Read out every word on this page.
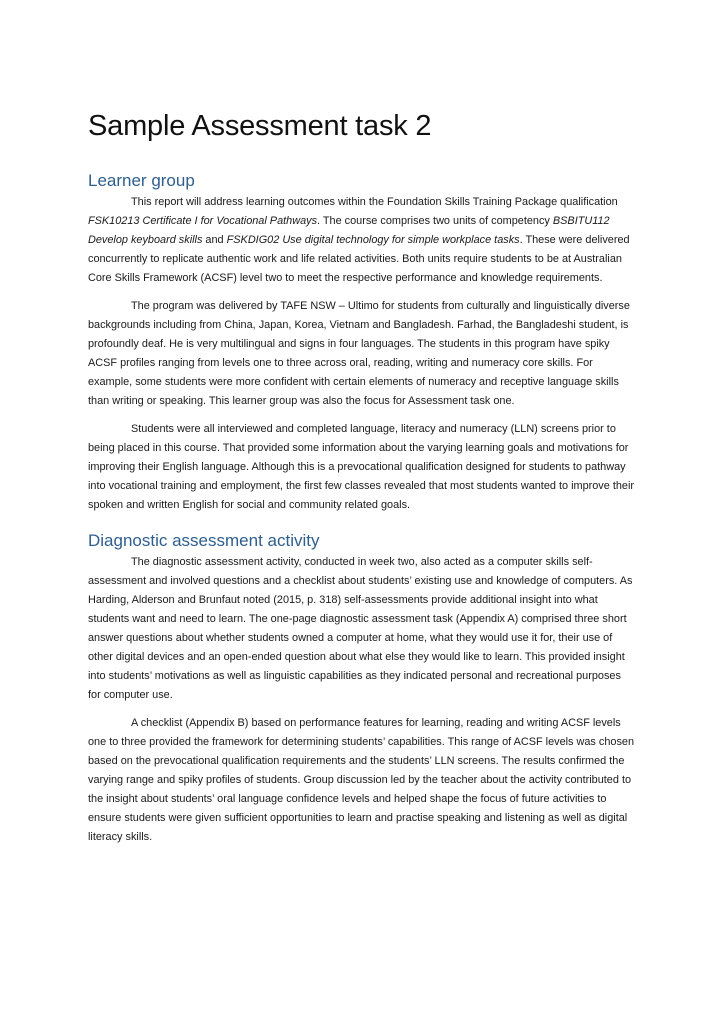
Sample Assessment task 2
Learner group

This report will address learning outcomes within the Foundation Skills Training Package qualification FSK10213 Certificate I for Vocational Pathways. The course comprises two units of competency BSBITU112 Develop keyboard skills and FSKDIG02 Use digital technology for simple workplace tasks. These were delivered concurrently to replicate authentic work and life related activities. Both units require students to be at Australian Core Skills Framework (ACSF) level two to meet the respective performance and knowledge requirements.

The program was delivered by TAFE NSW – Ultimo for students from culturally and linguistically diverse backgrounds including from China, Japan, Korea, Vietnam and Bangladesh. Farhad, the Bangladeshi student, is profoundly deaf. He is very multilingual and signs in four languages. The students in this program have spiky ACSF profiles ranging from levels one to three across oral, reading, writing and numeracy core skills. For example, some students were more confident with certain elements of numeracy and receptive language skills than writing or speaking. This learner group was also the focus for Assessment task one.

Students were all interviewed and completed language, literacy and numeracy (LLN) screens prior to being placed in this course. That provided some information about the varying learning goals and motivations for improving their English language. Although this is a prevocational qualification designed for students to pathway into vocational training and employment, the first few classes revealed that most students wanted to improve their spoken and written English for social and community related goals.

Diagnostic assessment activity

The diagnostic assessment activity, conducted in week two, also acted as a computer skills self-assessment and involved questions and a checklist about students’ existing use and knowledge of computers. As Harding, Alderson and Brunfaut noted (2015, p. 318) self-assessments provide additional insight into what students want and need to learn. The one-page diagnostic assessment task (Appendix A) comprised three short answer questions about whether students owned a computer at home, what they would use it for, their use of other digital devices and an open-ended question about what else they would like to learn. This provided insight into students’ motivations as well as linguistic capabilities as they indicated personal and recreational purposes for computer use.

A checklist (Appendix B) based on performance features for learning, reading and writing ACSF levels one to three provided the framework for determining students’ capabilities. This range of ACSF levels was chosen based on the prevocational qualification requirements and the students’ LLN screens. The results confirmed the varying range and spiky profiles of students. Group discussion led by the teacher about the activity contributed to the insight about students’ oral language confidence levels and helped shape the focus of future activities to ensure students were given sufficient opportunities to learn and practise speaking and listening as well as digital literacy skills.
